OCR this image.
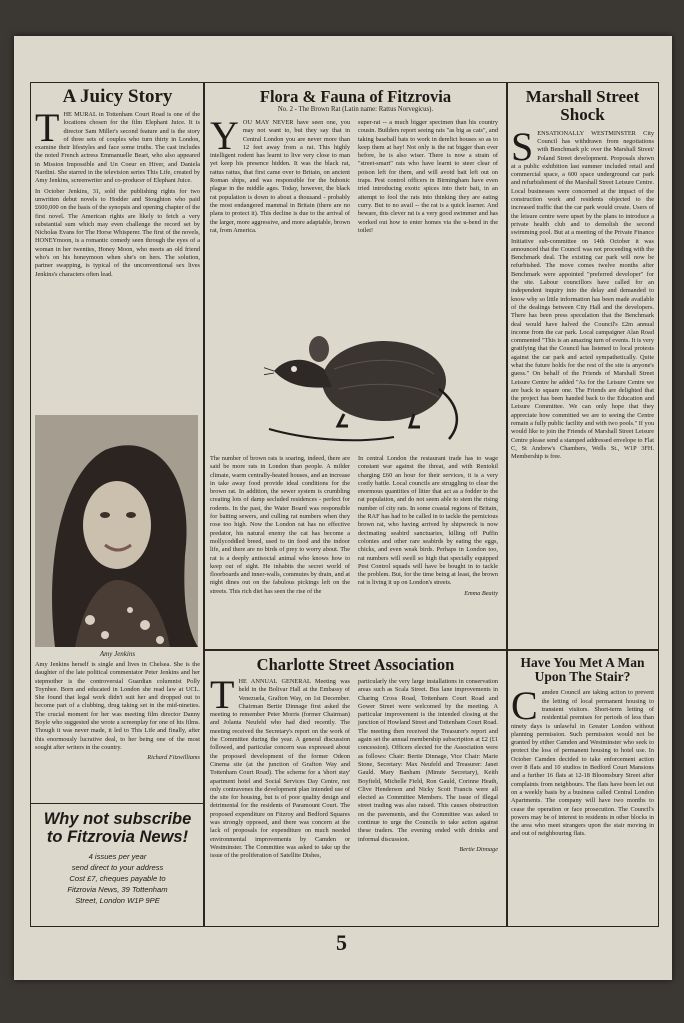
A Juicy Story

THE MURAL in Tottenham Court Road is one of the locations chosen for the film Elephant Juice. It is director Sam Miller's second feature and is the story of three sets of couples who turn thirty in London, examine their lifestyles and face some truths. The cast includes the noted French actress Emmanuelle Beart, who also appeared in Mission Impossible and Un Coeur en Hiver, and Daniela Nardini. She starred in the television series This Life, created by Amy Jenkins, screenwriter and co-producer of Elephant Juice.

In October Jenkins, 31, sold the publishing rights for two unwritten debut novels to Hodder and Stoughton who paid £600,000 on the basis of the synopsis and opening chapter of the first novel. The American rights are likely to fetch a very substantial sum which may even challenge the record set by Nicholas Evans for The Horse Whisperer. The first of the novels, HONEYmoon, is a romantic comedy seen through the eyes of a woman in her twenties, Honey Moon, who meets an old friend who's on his honeymoon when she's on hers. The solution, partner swapping, is typical of the unconventional sex lives Jenkins's characters often lead.

Amy Jenkins

Amy Jenkins herself is single and lives in Chelsea. She is the daughter of the late political commentator Peter Jenkins and her stepmother is the controversial Guardian columnist Polly Toynbee. Born and educated in London she read law at UCL. She found that legal work didn't suit her and dropped out to become part of a clubbing, drug taking set in the mid-nineties. The crucial moment for her was meeting film director Danny Boyle who suggested she wrote a screenplay for one of his films. Though it was never made, it led to This Life and finally, after this enormously lucrative deal, to her being one of the most sought after writers in the country.

Richard Fitzwilliams
Why not subscribe to Fitzrovia News!
4 issues per year
send direct to your address
Cost £7, cheques payable to
Fitzrovia News, 39 Tottenham
Street, London W1P 9PE
Flora & Fauna of Fitzrovia
No. 2 - The Brown Rat (Latin name: Rattus Norvegicus).

YOU MAY NEVER have seen one, you may not want to, but they say that in Central London you are never more than 12 feet away from a rat. This highly intelligent rodent has learnt to live very close to man yet keep his presence hidden. It was the black rat, rattus rattus, that first came over to Britain, on ancient Roman ships, and was responsible for the bubonic plague in the middle ages. Today, however, the black rat population is down to about a thousand - probably the most endangered mammal in Britain (there are no plans to protect it). This decline is due to the arrival of the larger, more aggressive, and more adaptable, brown rat, from America.

super-rat -- a much bigger specimen than his country cousin. Builders report seeing rats "as big as cats", and taking baseball bats to work in derelict houses so as to keep them at bay! Not only is the rat bigger than ever before, he is also wiser. There is now a strain of "street-smart" rats who have learnt to steer clear of poison left for them, and will avoid bait left out on traps. Pest control officers in Birmingham have even tried introducing exotic spices into their bait, in an attempt to fool the rats into thinking they are eating curry. But to no avail -- the rat is a quick learner. And beware, this clever rat is a very good swimmer and has worked out how to enter homes via the u-bend in the toilet!

The number of brown rats is soaring, indeed, there are said be more rats in London than people. A milder climate, warm centrally-heated houses, and an increase in take away food provide ideal conditions for the brown rat. In addition, the sewer system is crumbling creating lots of damp secluded residences - perfect for rodents. In the past, the Water Board was responsible for baiting sewers, and culling rat numbers when they rose too high. Now the London rat has no effective predator, his natural enemy the cat has become a mollycoddled breed, used to tin food and the indoor life, and there are no birds of prey to worry about. The rat is a deeply antisocial animal who knows how to keep out of sight. He inhabits the secret world of floorboards and inner-walls, commutes by drain, and at night dines out on the fabulous pickings left on the streets. This rich diet has seen the rise of the

In central London the restaurant trade has to wage constant war against the threat, and with Rentokil charging £60 an hour for their services, it is a very costly battle. Local councils are struggling to clear the enormous quantities of litter that act as a fodder to the rat population, and do not seem able to stem the rising number of city rats. In some coastal regions of Britain, the RAF has had to be called in to tackle the pernicious brown rat, who having arrived by shipwreck is now decimating seabird sanctuaries, killing off Puffin colonies and other rare seabirds by eating the eggs, chicks, and even weak birds. Perhaps in London too, rat numbers will swell so high that specially equipped Pest Control squads will have be bought in to tackle the problem. But, for the time being at least, the brown rat is living it up on London's streets.

Emma Beatty
Marshall Street Shock

SENSATIONALLY WESTMINSTER City Council has withdrawn from negotiations with Benchmark plc over the Marshall Street/ Poland Street development. Proposals shown at a public exhibition last summer included retail and commercial space, a 600 space underground car park and refurbishment of the Marshall Street Leisure Centre. Local businesses were concerned at the impact of the construction work and residents objected to the increased traffic that the car park would create. Users of the leisure centre were upset by the plans to introduce a private health club and to demolish the second swimming pool. But at a meeting of the Private Finance Initiative sub-committee on 14th October it was announced that the Council was not proceeding with the Benchmark deal. The existing car park will now be refurbished. The move comes twelve months after Benchmark were appointed "preferred developer" for the site. Labour councillors have called for an independent inquiry into the delay and demanded to know why so little information has been made available of the dealings between City Hall and the developers. There has been press speculation that the Benchmark deal would have halved the Council's £2m annual income from the car park. Local campaigner Alan Road commented "This is an amazing turn of events. It is very gratifying that the Council has listened to local protests against the car park and acted sympathetically. Quite what the future holds for the rest of the site is anyone's guess." On behalf of the Friends of Marshall Street Leisure Centre he added "As for the Leisure Centre we are back to square one. The Friends are delighted that the project has been handed back to the Education and Leisure Committee. We can only hope that they appreciate how committed we are to seeing the Centre remain a fully public facility and with two pools." If you would like to join the Friends of Marshall Street Leisure Centre please send a stamped addressed envelope to Flat C, St Andrew's Chambers, Wells St., W1P 3FH. Membership is free.

Charlotte Street Association

THE ANNUAL GENERAL Meeting was held in the Bolivar Hall at the Embassy of Venezuela, Grafton Way, on 1st December. Chairman Bertie Dinnage first asked the meeting to remember Peter Morris (former Chairman) and Jolanta Neufeld who had died recently. The meeting received the Secretary's report on the work of the Committee during the year. A general discussion followed, and particular concern was expressed about the proposed development of the former Odeon Cinema site (at the junction of Grafton Way and Tottenham Court Road). The scheme for a 'short stay' apartment hotel and Social Services Day Centre, not only contravenes the development plan intended use of the site for housing, but is of poor quality design and detrimental for the residents of Paramount Court. The proposed expenditure on Fitzroy and Bedford Squares was strongly opposed, and there was concern at the lack of proposals for expenditure on much needed environmental improvements by Camden or Westminster. The Committee was asked to take up the issue of the proliferation of Satellite Dishes,

particularly the very large installations in conservation areas such as Scala Street. Bus lane improvements in Charing Cross Road, Tottenham Court Road and Gower Street were welcomed by the meeting. A particular improvement is the intended closing at the junction of Howland Street and Tottenham Court Road. The meeting then received the Treasurer's report and again set the annual membership subscription at £2 (£1 concession). Officers elected for the Association were as follows: Chair: Bertie Dinnage, Vice Chair: Marie Stone, Secretary: Max Neufeld and Treasurer: Janet Gauld. Mary Banham (Minute Secretary), Keith Boyfield, Michelle Field, Ron Gauld, Corinne Heath, Clive Henderson and Nicky Scott Francis were all elected as Committee Members. The issue of illegal street trading was also raised. This causes obstruction on the pavements, and the Committee was asked to continue to urge the Councils to take action against these traders. The evening ended with drinks and informal discussion.

Bertie Dinnage
Have You Met A Man Upon The Stair?

Camden Council are taking action to prevent the letting of local permanent housing to transient visitors. Short-term letting of residential premises for periods of less than ninety days is unlawful in Greater London without planning permission. Such permission would not be granted by either Camden and Westminster who seek to protect the loss of permanent housing to hotel use. In October Camden decided to take enforcement action over 8 flats and 10 studios in Bedford Court Mansions and a further 16 flats at 12-18 Bloomsbury Street after complaints from neighbours. The flats have been let out on a weekly basis by a business called Central London Apartments. The company will have two months to cease the operation or face prosecution. The Council's powers may be of interest to residents in other blocks in the area who meet strangers upon the stair moving in and out of neighbouring flats.

5
